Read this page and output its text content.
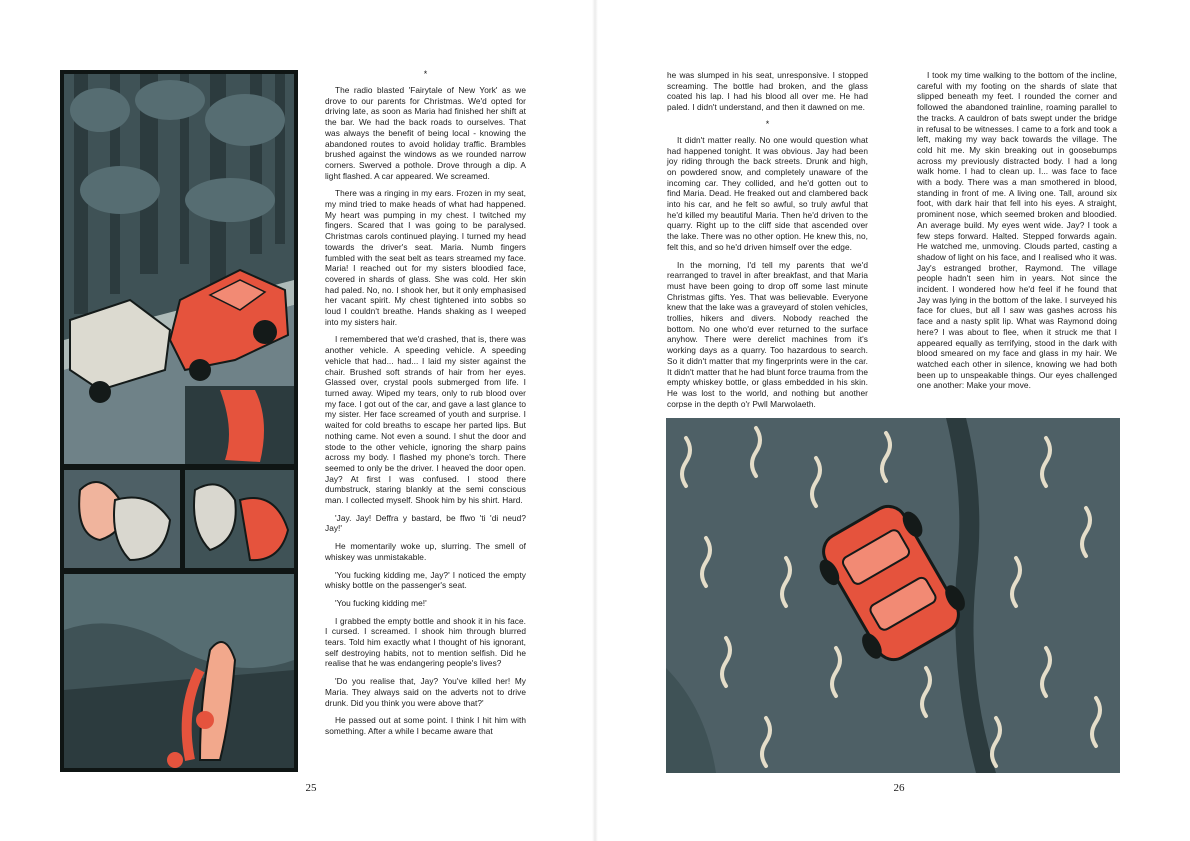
*

The radio blasted 'Fairytale of New York' as we drove to our parents for Christmas. We'd opted for driving late, as soon as Maria had finished her shift at the bar. We had the back roads to ourselves. That was always the benefit of being local - knowing the abandoned routes to avoid holiday traffic. Brambles brushed against the windows as we rounded narrow corners. Swerved a pothole. Drove through a dip. A light flashed. A car appeared. We screamed.

There was a ringing in my ears. Frozen in my seat, my mind tried to make heads of what had happened. My heart was pumping in my chest. I twitched my fingers. Scared that I was going to be paralysed. Christmas carols continued playing. I turned my head towards the driver's seat. Maria. Numb fingers fumbled with the seat belt as tears streamed my face. Maria! I reached out for my sisters bloodied face, covered in shards of glass. She was cold. Her skin had paled. No, no. I shook her, but it only emphasised her vacant spirit. My chest tightened into sobbs so loud I couldn't breathe. Hands shaking as I weeped into my sisters hair.

I remembered that we'd crashed, that is, there was another vehicle. A speeding vehicle. A speeding vehicle that had... had... I laid my sister against the chair. Brushed soft strands of hair from her eyes. Glassed over, crystal pools submerged from life. I turned away. Wiped my tears, only to rub blood over my face. I got out of the car, and gave a last glance to my sister. Her face screamed of youth and surprise. I waited for cold breaths to escape her parted lips. But nothing came. Not even a sound. I shut the door and stode to the other vehicle, ignoring the sharp pains across my body. I flashed my phone's torch. There seemed to only be the driver. I heaved the door open. Jay? At first I was confused. I stood there dumbstruck, staring blankly at the semi conscious man. I collected myself. Shook him by his shirt. Hard.

'Jay. Jay! Deffra y bastard, be ffwo 'ti 'di neud? Jay!'

He momentarily woke up, slurring. The smell of whiskey was unmistakable.

'You fucking kidding me, Jay?' I noticed the empty whisky bottle on the passenger's seat.

'You fucking kidding me!'

I grabbed the empty bottle and shook it in his face. I cursed. I screamed. I shook him through blurred tears. Told him exactly what I thought of his ignorant, self destroying habits, not to mention selfish. Did he realise that he was endangering people's lives?

'Do you realise that, Jay? You've killed her! My Maria. They always said on the adverts not to drive drunk. Did you think you were above that?'

He passed out at some point. I think I hit him with something. After a while I became aware that

25

he was slumped in his seat, unresponsive. I stopped screaming. The bottle had broken, and the glass coated his lap. I had his blood all over me. He had paled. I didn't understand, and then it dawned on me.

*

It didn't matter really. No one would question what had happened tonight. It was obvious. Jay had been joy riding through the back streets. Drunk and high, on powdered snow, and completely unaware of the incoming car. They collided, and he'd gotten out to find Maria. Dead. He freaked out and clambered back into his car, and he felt so awful, so truly awful that he'd killed my beautiful Maria. Then he'd driven to the quarry. Right up to the cliff side that ascended over the lake. There was no other option. He knew this, no, felt this, and so he'd driven himself over the edge.

In the morning, I'd tell my parents that we'd rearranged to travel in after breakfast, and that Maria must have been going to drop off some last minute Christmas gifts. Yes. That was believable. Everyone knew that the lake was a graveyard of stolen vehicles, trollies, hikers and divers. Nobody reached the bottom. No one who'd ever returned to the surface anyhow. There were derelict machines from it's working days as a quarry. Too hazardous to search. So it didn't matter that my fingerprints were in the car. It didn't matter that he had blunt force trauma from the empty whiskey bottle, or glass embedded in his skin. He was lost to the world, and nothing but another corpse in the depth o'r Pwll Marwolaeth.

I took my time walking to the bottom of the incline, careful with my footing on the shards of slate that slipped beneath my feet. I rounded the corner and followed the abandoned trainline, roaming parallel to the tracks. A cauldron of bats swept under the bridge in refusal to be witnesses. I came to a fork and took a left, making my way back towards the village. The cold hit me. My skin breaking out in goosebumps across my previously distracted body. I had a long walk home. I had to clean up. I... was face to face with a body. There was a man smothered in blood, standing in front of me. A living one. Tall, around six foot, with dark hair that fell into his eyes. A straight, prominent nose, which seemed broken and bloodied. An average build. My eyes went wide. Jay? I took a few steps forward. Halted. Stepped forwards again. He watched me, unmoving. Clouds parted, casting a shadow of light on his face, and I realised who it was. Jay's estranged brother, Raymond. The village people hadn't seen him in years. Not since the incident. I wondered how he'd feel if he found that Jay was lying in the bottom of the lake. I surveyed his face for clues, but all I saw was gashes across his face and a nasty split lip. What was Raymond doing here? I was about to flee, when it struck me that I appeared equally as terrifying, stood in the dark with blood smeared on my face and glass in my hair. We watched each other in silence, knowing we had both been up to unspeakable things. Our eyes challenged one another: Make your move.

26
